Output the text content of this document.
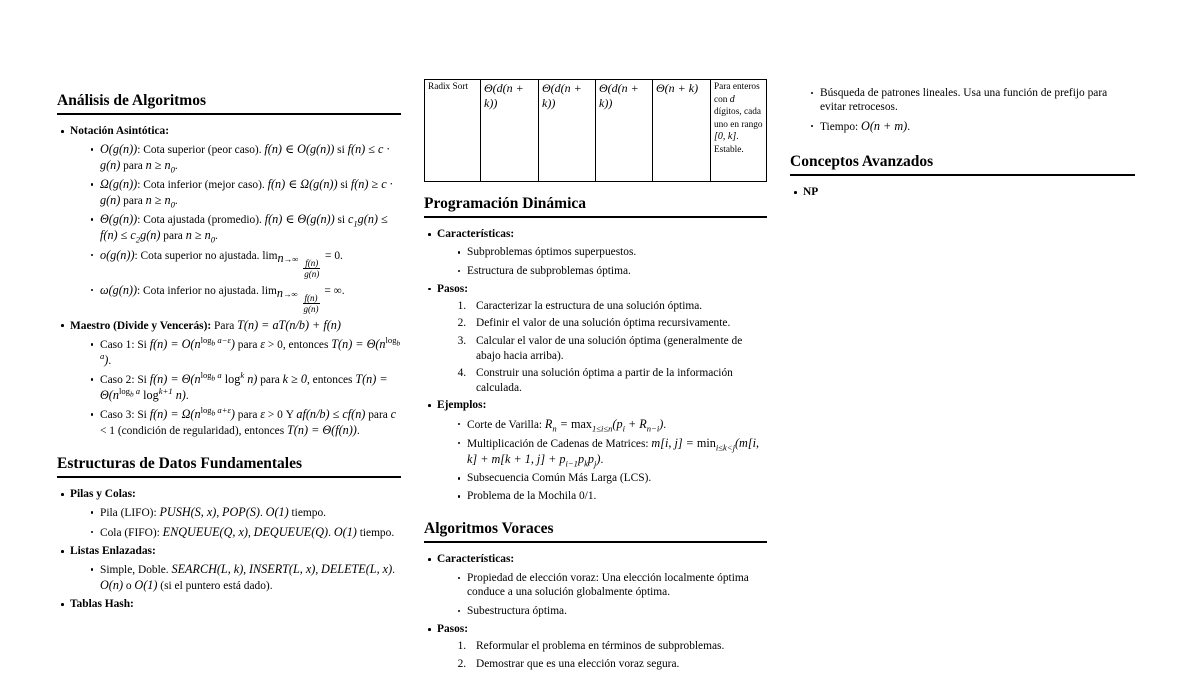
Análisis de Algoritmos
Notación Asintótica:
O(g(n)): Cota superior (peor caso). f(n) ∈ O(g(n)) si f(n) ≤ c · g(n) para $n \ge n_0$.
Ω(g(n)): Cota inferior (mejor caso). f(n) ∈ Ω(g(n)) si f(n) ≥ c · g(n) para $n \ge n_0$.
Θ(g(n)): Cota ajustada (promedio). f(n) ∈ Θ(g(n)) si $c_1g(n) \le f(n) \le c_2g(n)$ para $n \ge n_0$.
o(g(n)): Cota superior no ajustada. $\lim_{n\to\infty} \frac{f(n)}{g(n)}$
= 0.
ω(g(n)): Cota inferior no ajustada. $\lim_{n\to\infty} \frac{f(n)}{g(n)}$
= ∞.
Maestro (Divide y Vencerás): Para T(n) = aT(n/b) + f(n)
Caso 1: Si $f(n) = O(n^{log_b a-\varepsilon})$ para ε > 0, entonces $T(n) = \Theta(n^{log_b a})$.
Caso 2: Si $f(n) = \Theta(n^{log_b a}$ $\log^k n$) para k ≥ 0, entonces $T(n) = \Theta(n^{log_b a}$ $\log^{k+1} n$).
Caso 3: Si $f(n) = \Omega(n^{log_b a+\varepsilon})$ para ε > 0 Y af(n/b) ≤ cf(n) para c < 1 (condición de regularidad), entonces T(n) = Θ(f(n)).
Estructuras de Datos Fundamentales
Pilas y Colas:
Pila (LIFO): PUSH(S, x), POP(S). O(1) tiempo.
Cola (FIFO): ENQUEUE(Q, x), DEQUEUE(Q). O(1) tiempo.
Listas Enlazadas:
Simple, Doble. SEARCH(L, k), INSERT(L, x), DELETE(L, x). O(n) o O(1) (si el puntero está dado).
Tablas Hash:
Radix Sort	Θ(d(n + k))	Θ(d(n + k))	Θ(d(n + k))	Θ(n + k)	Para enteros con d dígitos, cada uno en rango [0, k]. Estable.
Programación Dinámica
Características:
Subproblemas óptimos superpuestos.
Estructura de subproblemas óptima.
Pasos:
1. Caracterizar la estructura de una solución óptima.
2. Definir el valor de una solución óptima recursivamente.
3. Calcular el valor de una solución óptima (generalmente de abajo hacia arriba).
4. Construir una solución óptima a partir de la información calculada.
Ejemplos:
Corte de Varilla: $R_n = \max_{1\le i\le n}(p_i + R_{n-i})$.
Multiplicación de Cadenas de Matrices: m[i, $j] = \min_{i\le k<j}(m[i$, k] + m[k + 1, $j] + p_{i-1}p_kp_j$).
Subsecuencia Común Más Larga (LCS).
Problema de la Mochila 0/1.
Algoritmos Voraces
Características:
Propiedad de elección voraz: Una elección localmente óptima conduce a una solución globalmente óptima.
Subestructura óptima.
Pasos:
1. Reformular el problema en términos de subproblemas.
2. Demostrar que es una elección voraz segura.
Búsqueda de patrones lineales. Usa una función de prefijo para evitar retrocesos.
Tiempo: O(n + m).
Conceptos Avanzados
NP
